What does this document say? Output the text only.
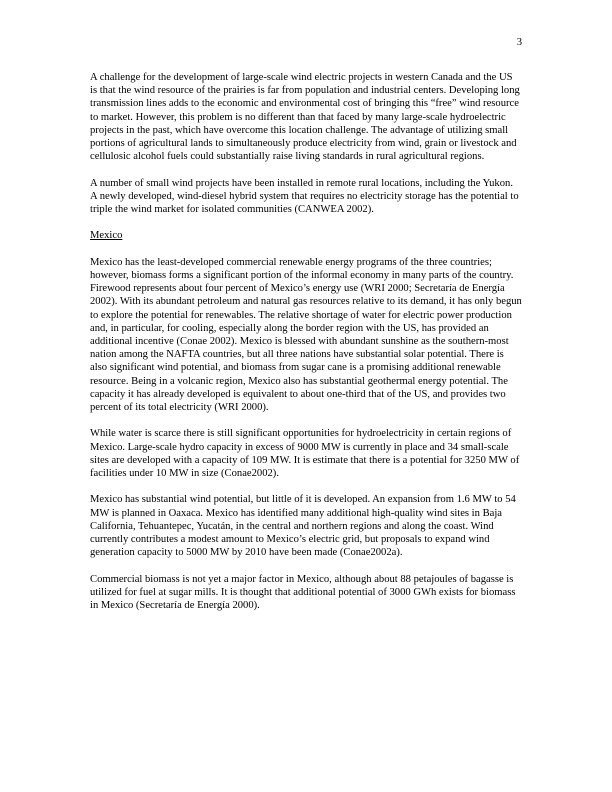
3

A challenge for the development of large-scale wind electric projects in western Canada and the US is that the wind resource of the prairies is far from population and industrial centers. Developing long transmission lines adds to the economic and environmental cost of bringing this “free” wind resource to market. However, this problem is no different than that faced by many large-scale hydroelectric projects in the past, which have overcome this location challenge. The advantage of utilizing small portions of agricultural lands to simultaneously produce electricity from wind, grain or livestock and cellulosic alcohol fuels could substantially raise living standards in rural agricultural regions.

A number of small wind projects have been installed in remote rural locations, including the Yukon. A newly developed, wind-diesel hybrid system that requires no electricity storage has the potential to triple the wind market for isolated communities (CANWEA 2002).

Mexico

Mexico has the least-developed commercial renewable energy programs of the three countries; however, biomass forms a significant portion of the informal economy in many parts of the country. Firewood represents about four percent of Mexico’s energy use (WRI 2000; Secretaría de Energía 2002). With its abundant petroleum and natural gas resources relative to its demand, it has only begun to explore the potential for renewables. The relative shortage of water for electric power production and, in particular, for cooling, especially along the border region with the US, has provided an additional incentive (Conae 2002). Mexico is blessed with abundant sunshine as the southern-most nation among the NAFTA countries, but all three nations have substantial solar potential. There is also significant wind potential, and biomass from sugar cane is a promising additional renewable resource. Being in a volcanic region, Mexico also has substantial geothermal energy potential. The capacity it has already developed is equivalent to about one-third that of the US, and provides two percent of its total electricity (WRI 2000).

While water is scarce there is still significant opportunities for hydroelectricity in certain regions of Mexico. Large-scale hydro capacity in excess of 9000 MW is currently in place and 34 small-scale sites are developed with a capacity of 109 MW. It is estimate that there is a potential for 3250 MW of facilities under 10 MW in size (Conae2002).

Mexico has substantial wind potential, but little of it is developed. An expansion from 1.6 MW to 54 MW is planned in Oaxaca. Mexico has identified many additional high-quality wind sites in Baja California, Tehuantepec, Yucatán, in the central and northern regions and along the coast. Wind currently contributes a modest amount to Mexico’s electric grid, but proposals to expand wind generation capacity to 5000 MW by 2010 have been made (Conae2002a).

Commercial biomass is not yet a major factor in Mexico, although about 88 petajoules of bagasse is utilized for fuel at sugar mills. It is thought that additional potential of 3000 GWh exists for biomass in Mexico (Secretaría de Energía 2000).
